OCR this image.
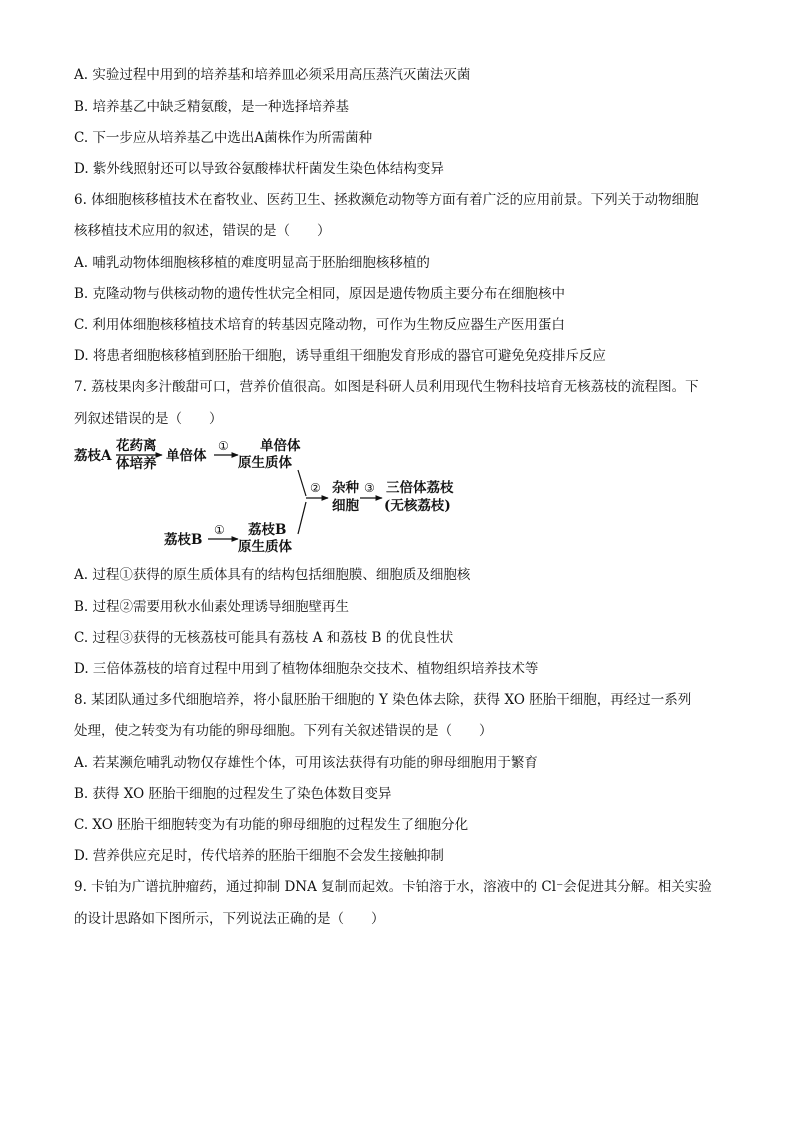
A. 实验过程中用到的培养基和培养皿必须采用高压蒸汽灭菌法灭菌
B. 培养基乙中缺乏精氨酸，是一种选择培养基
C. 下一步应从培养基乙中选出A菌株作为所需菌种
D. 紫外线照射还可以导致谷氨酸棒状杆菌发生染色体结构变异
6. 体细胞核移植技术在畜牧业、医药卫生、拯救濒危动物等方面有着广泛的应用前景。下列关于动物细胞
核移植技术应用的叙述，错误的是（　　）
A. 哺乳动物体细胞核移植的难度明显高于胚胎细胞核移植的
B. 克隆动物与供核动物的遗传性状完全相同，原因是遗传物质主要分布在细胞核中
C. 利用体细胞核移植技术培育的转基因克隆动物，可作为生物反应器生产医用蛋白
D. 将患者细胞核移植到胚胎干细胞，诱导重组干细胞发育形成的器官可避免免疫排斥反应
7. 荔枝果肉多汁酸甜可口，营养价值很高。如图是科研人员利用现代生物科技培育无核荔枝的流程图。下
列叙述错误的是（　　）
荔枝A
花药离
体培养 单倍体
① 单倍体
原生质体
② 杂种
细胞
③ 三倍体荔枝
(无核荔枝)
荔枝B
① 荔枝B
原生质体
A. 过程①获得的原生质体具有的结构包括细胞膜、细胞质及细胞核
B. 过程②需要用秋水仙素处理诱导细胞壁再生
C. 过程③获得的无核荔枝可能具有荔枝 A 和荔枝 B 的优良性状
D. 三倍体荔枝的培育过程中用到了植物体细胞杂交技术、植物组织培养技术等
8. 某团队通过多代细胞培养，将小鼠胚胎干细胞的 Y 染色体去除，获得 XO 胚胎干细胞，再经过一系列
处理，使之转变为有功能的卵母细胞。下列有关叙述错误的是（　　）
A. 若某濒危哺乳动物仅存雄性个体，可用该法获得有功能的卵母细胞用于繁育
B. 获得 XO 胚胎干细胞的过程发生了染色体数目变异
C. XO 胚胎干细胞转变为有功能的卵母细胞的过程发生了细胞分化
D. 营养供应充足时，传代培养的胚胎干细胞不会发生接触抑制
9. 卡铂为广谱抗肿瘤药，通过抑制 DNA 复制而起效。卡铂溶于水，溶液中的 Cl⁻会促进其分解。相关实验
的设计思路如下图所示，下列说法正确的是（　　）
